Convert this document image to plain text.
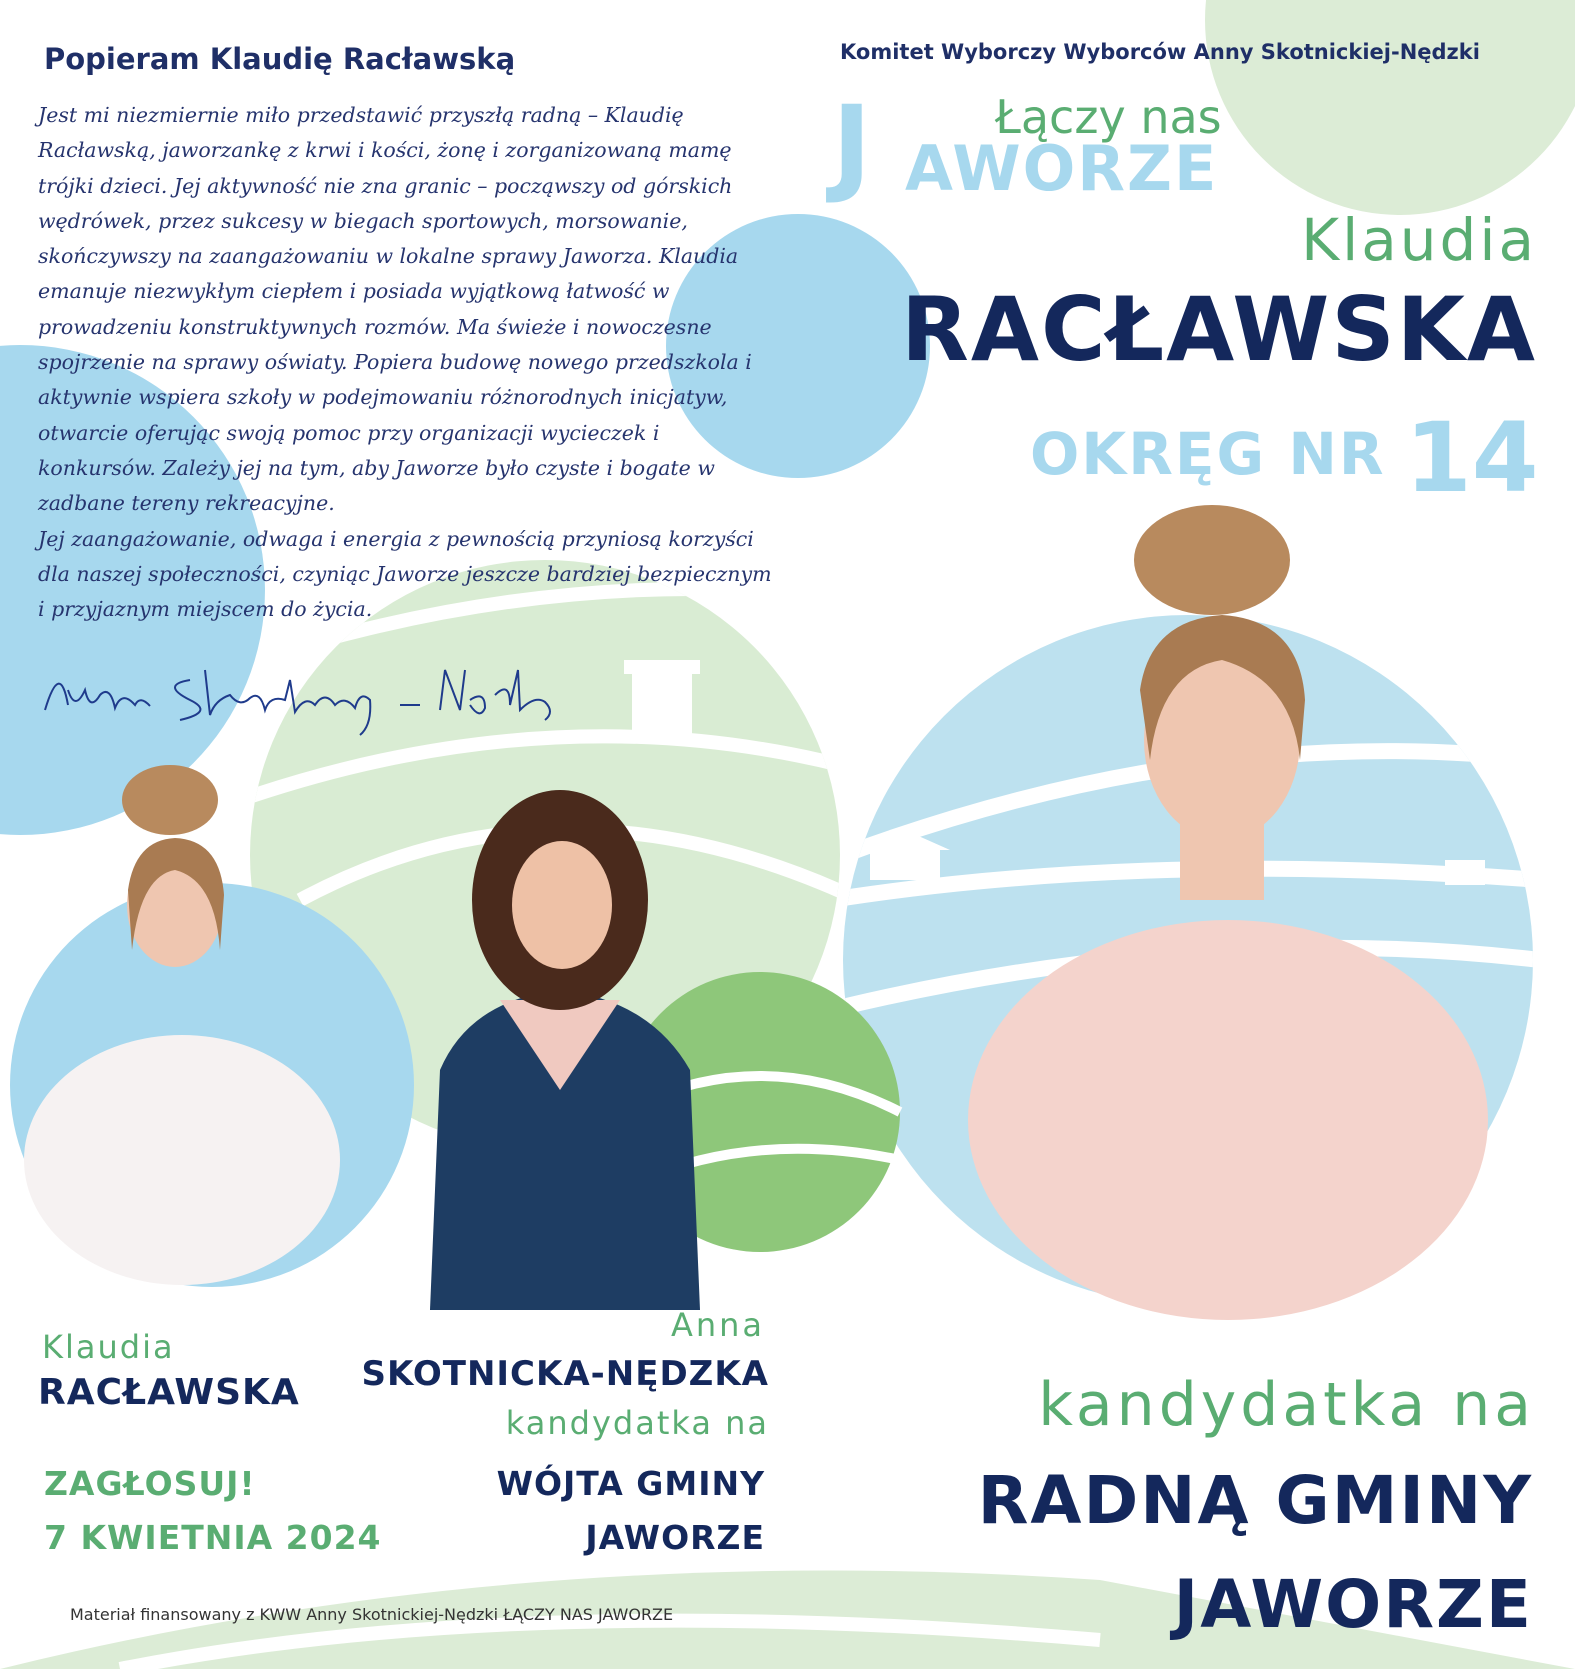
Popieram Klaudię Racławską

Jest mi niezmiernie miło przedstawić przyszłą radną – Klaudię Racławską, jaworzankę z krwi i kości, żonę i zorganizowaną mamę trójki dzieci. Jej aktywność nie zna granic – począwszy od górskich wędrówek, przez sukcesy w biegach sportowych, morsowanie, skończywszy na zaangażowaniu w lokalne sprawy Jaworza. Klaudia emanuje niezwykłym ciepłem i posiada wyjątkową łatwość w prowadzeniu konstruktywnych rozmów. Ma świeże i nowoczesne spojrzenie na sprawy oświaty. Popiera budowę nowego przedszkola i aktywnie wspiera szkoły w podejmowaniu różnorodnych inicjatyw, otwarcie oferując swoją pomoc przy organizacji wycieczek i konkursów. Zależy jej na tym, aby Jaworze było czyste i bogate w zadbane tereny rekreacyjne.

Jej zaangażowanie, odwaga i energia z pewnością przyniosą korzyści dla naszej społeczności, czyniąc Jaworze jeszcze bardziej bezpiecznym i przyjaznym miejscem do życia.

Komitet Wyborczy Wyborców Anny Skotnickiej-Nędzki
J	Łączy nas
AWORZE
Klaudia
RACŁAWSKA
OKRĘG NR 14
Klaudia
RACŁAWSKA
ZAGŁOSUJ!
7 KWIETNIA 2024
Anna
SKOTNICKA-NĘDZKA
kandydatka na
WÓJTA GMINY
JAWORZE
kandydatka na
RADNĄ GMINY
JAWORZE
Materiał finansowany z KWW Anny Skotnickiej-Nędzki ŁĄCZY NAS JAWORZE
